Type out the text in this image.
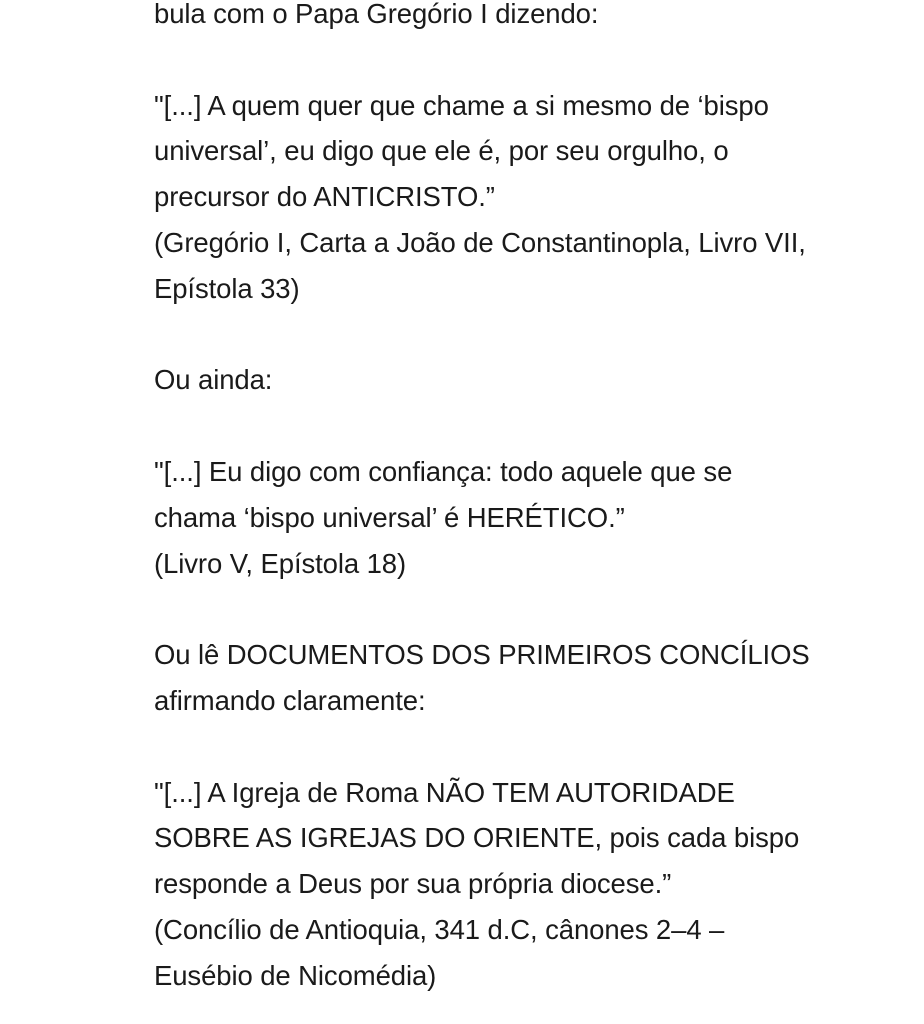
bula com o Papa Gregório I dizendo:

"[...] A quem quer que chame a si mesmo de ‘bispo
universal’, eu digo que ele é, por seu orgulho, o
precursor do ANTICRISTO.”
(Gregório I, Carta a João de Constantinopla, Livro VII,
Epístola 33)

Ou ainda:

"[...] Eu digo com confiança: todo aquele que se
chama ‘bispo universal’ é HERÉTICO.”
(Livro V, Epístola 18)

Ou lê DOCUMENTOS DOS PRIMEIROS CONCÍLIOS
afirmando claramente:

"[...] A Igreja de Roma NÃO TEM AUTORIDADE
SOBRE AS IGREJAS DO ORIENTE, pois cada bispo
responde a Deus por sua própria diocese.”
(Concílio de Antioquia, 341 d.C, cânones 2–4 –
Eusébio de Nicomédia)
